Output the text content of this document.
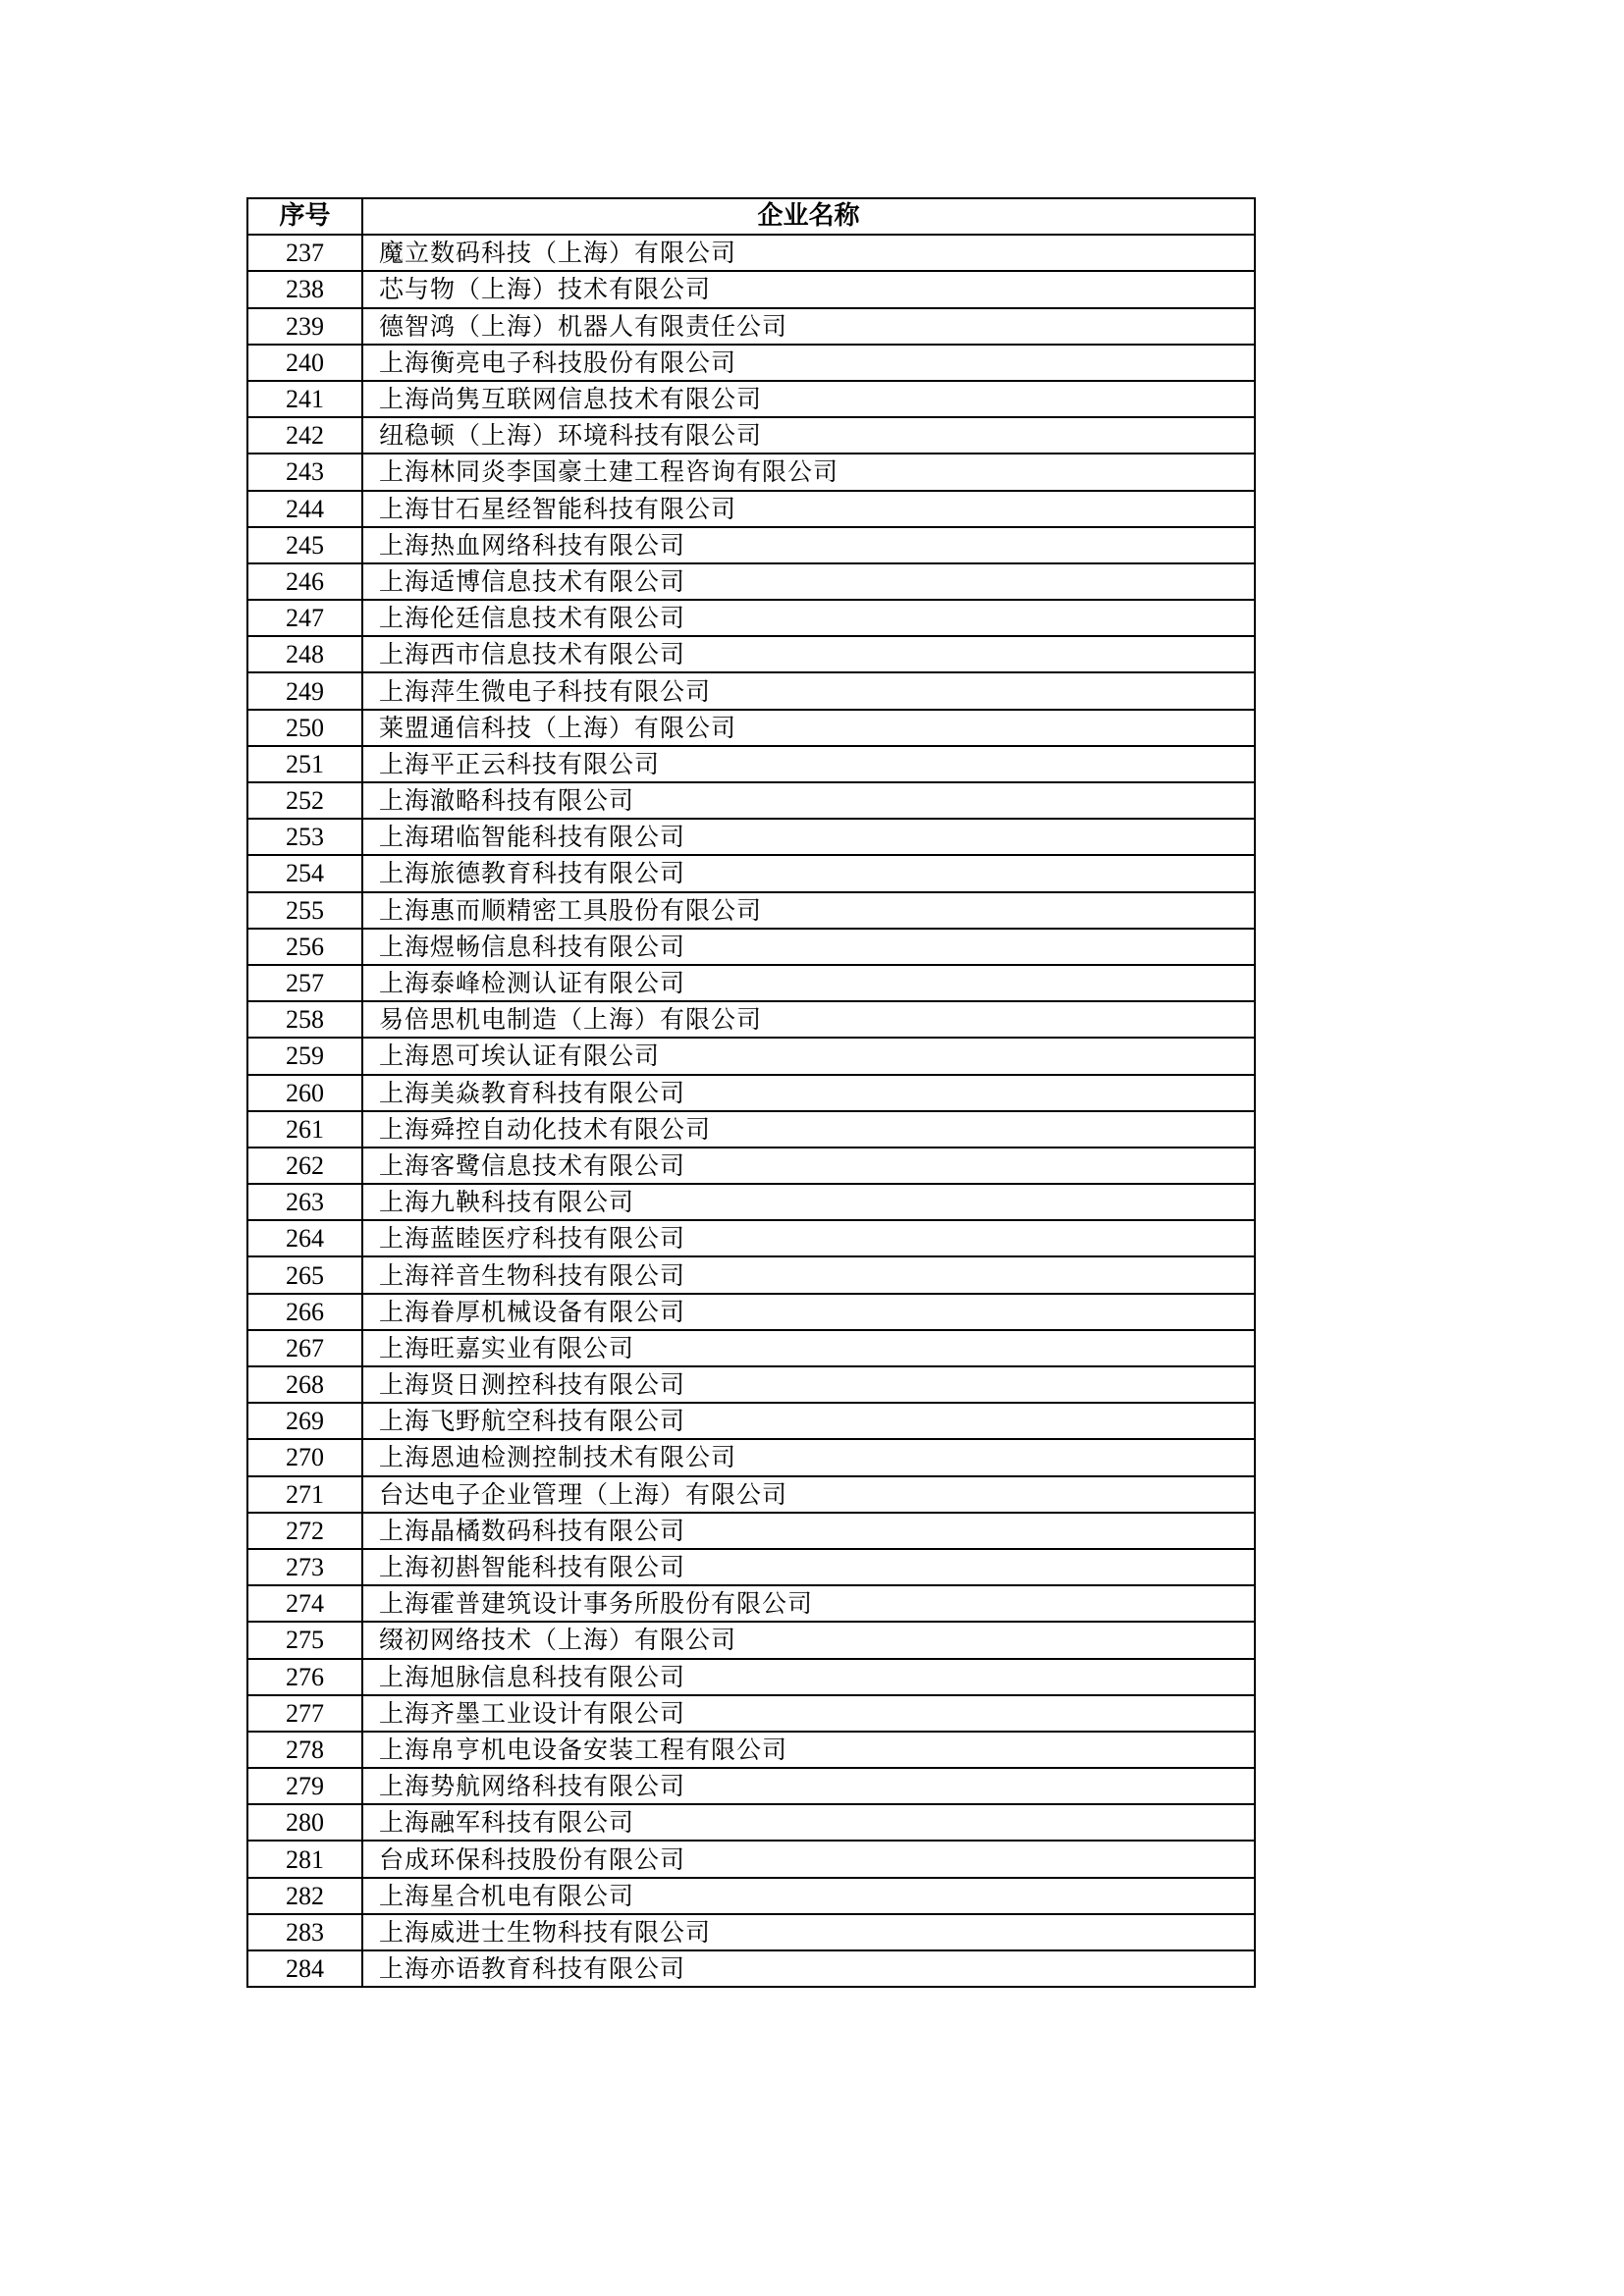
序号	企业名称
237	魔立数码科技（上海）有限公司
238	芯与物（上海）技术有限公司
239	德智鸿（上海）机器人有限责任公司
240	上海衡亮电子科技股份有限公司
241	上海尚隽互联网信息技术有限公司
242	纽稳顿（上海）环境科技有限公司
243	上海林同炎李国豪土建工程咨询有限公司
244	上海甘石星经智能科技有限公司
245	上海热血网络科技有限公司
246	上海适博信息技术有限公司
247	上海伦廷信息技术有限公司
248	上海西市信息技术有限公司
249	上海萍生微电子科技有限公司
250	莱盟通信科技（上海）有限公司
251	上海平正云科技有限公司
252	上海澈略科技有限公司
253	上海珺临智能科技有限公司
254	上海旅德教育科技有限公司
255	上海惠而顺精密工具股份有限公司
256	上海煜畅信息科技有限公司
257	上海泰峰检测认证有限公司
258	易倍思机电制造（上海）有限公司
259	上海恩可埃认证有限公司
260	上海美焱教育科技有限公司
261	上海舜控自动化技术有限公司
262	上海客鹭信息技术有限公司
263	上海九鞅科技有限公司
264	上海蓝睦医疗科技有限公司
265	上海祥音生物科技有限公司
266	上海眷厚机械设备有限公司
267	上海旺嘉实业有限公司
268	上海贤日测控科技有限公司
269	上海飞野航空科技有限公司
270	上海恩迪检测控制技术有限公司
271	台达电子企业管理（上海）有限公司
272	上海晶橘数码科技有限公司
273	上海初斟智能科技有限公司
274	上海霍普建筑设计事务所股份有限公司
275	缀初网络技术（上海）有限公司
276	上海旭脉信息科技有限公司
277	上海齐墨工业设计有限公司
278	上海帛亨机电设备安装工程有限公司
279	上海势航网络科技有限公司
280	上海融军科技有限公司
281	台成环保科技股份有限公司
282	上海星合机电有限公司
283	上海威进士生物科技有限公司
284	上海亦语教育科技有限公司
